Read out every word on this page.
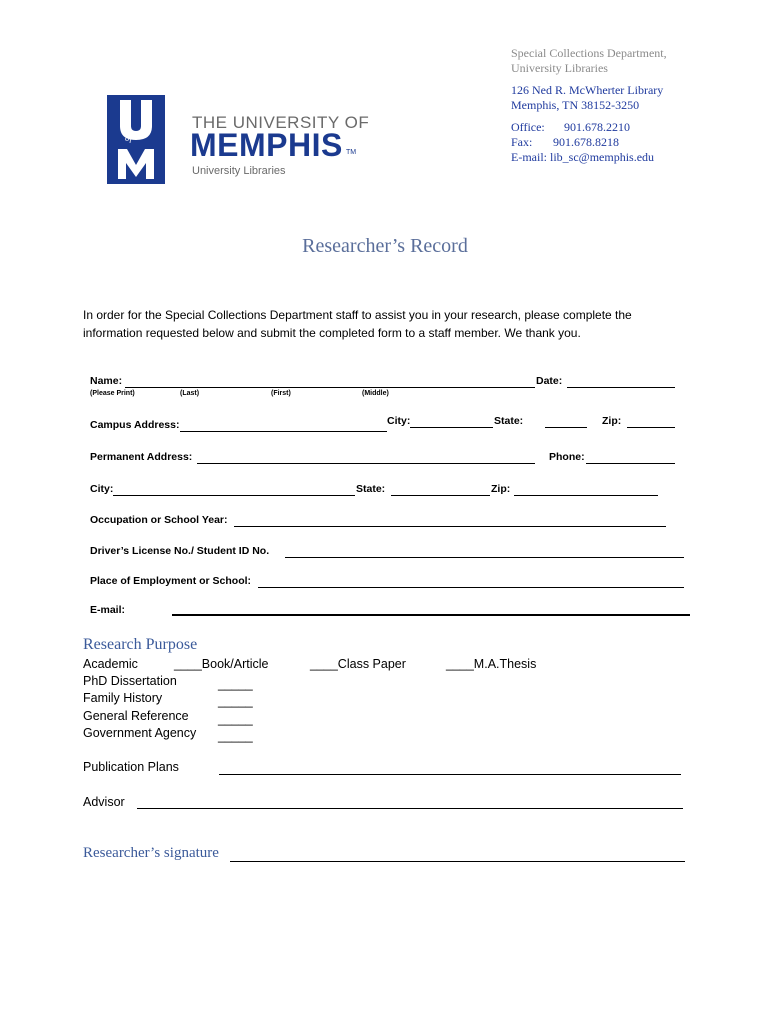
Special Collections Department,
University Libraries
126 Ned R. McWherter Library
Memphis, TN 38152-3250
Office: 901.678.2210
Fax: 901.678.8218
E-mail: lib_sc@memphis.edu
of
THE UNIVERSITY OF
MEMPHIS TM
University Libraries
Researcher’s Record
In order for the Special Collections Department staff to assist you in your research, please complete the information requested below and submit the completed form to a staff member. We thank you.
Name:	Date:
(Please Print)	(Last)	(First)	(Middle)
Campus Address:	City:	State:	Zip:
Permanent Address:	Phone:
City:	State:	Zip:
Occupation or School Year:
Driver’s License No./ Student ID No.
Place of Employment or School:
E-mail:
Research Purpose
Academic	____Book/Article	____Class Paper	____M.A.Thesis
PhD Dissertation	_____
Family History	_____
General Reference _____
Government Agency _____
Publication Plans
Advisor
Researcher’s signature
